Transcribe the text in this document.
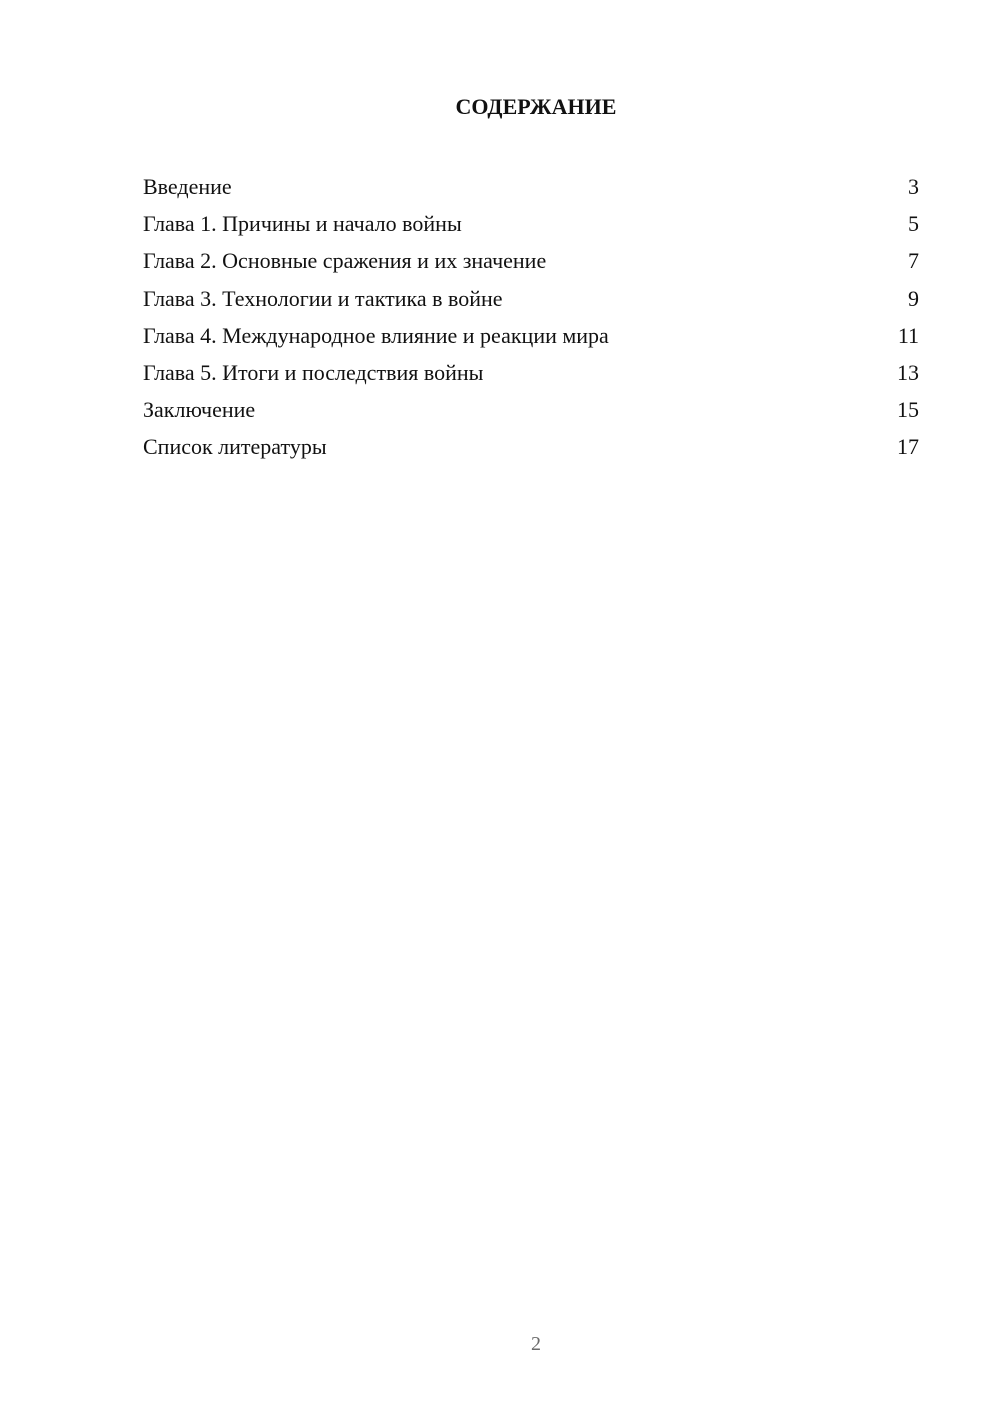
СОДЕРЖАНИЕ
Введение	3
Глава 1. Причины и начало войны	5
Глава 2. Основные сражения и их значение	7
Глава 3. Технологии и тактика в войне	9
Глава 4. Международное влияние и реакции мира	11
Глава 5. Итоги и последствия войны	13
Заключение	15
Список литературы	17
2
